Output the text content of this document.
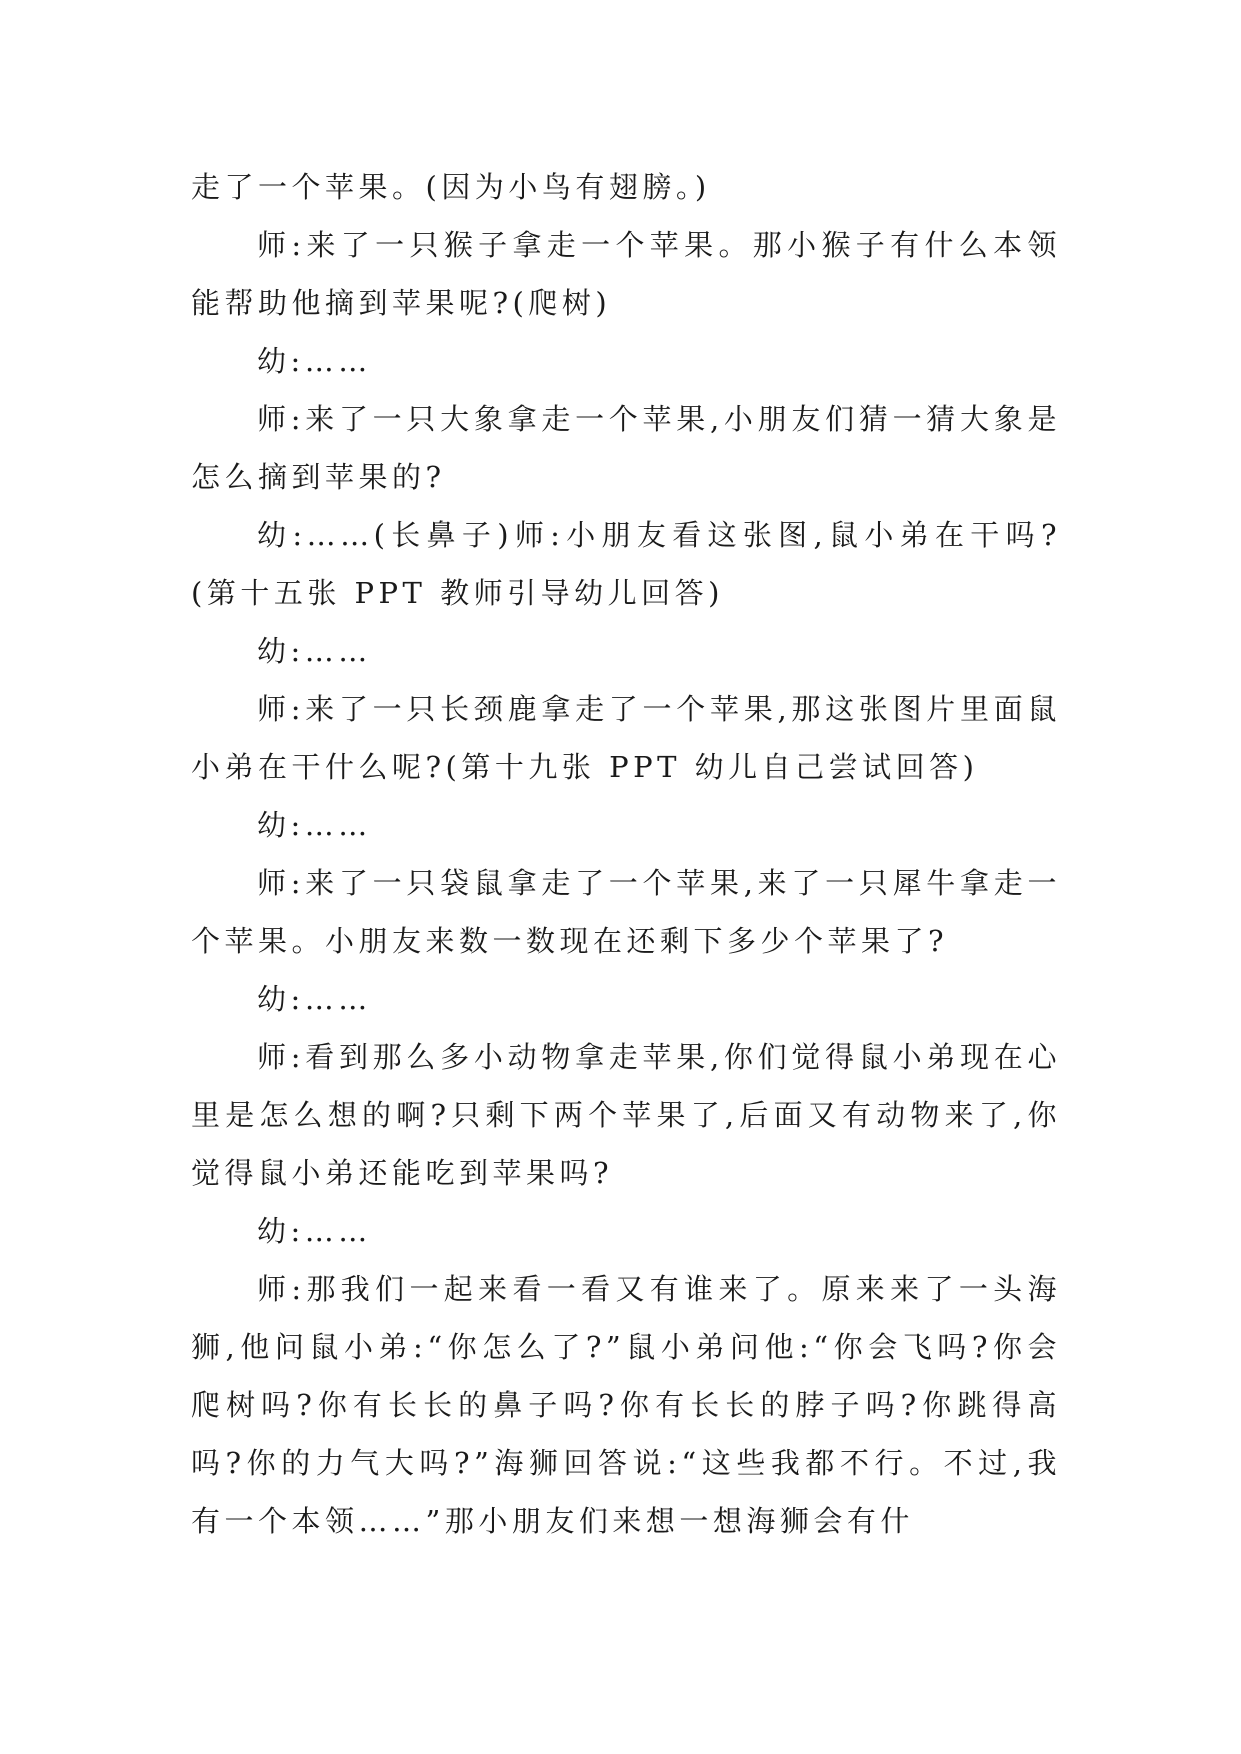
走了一个苹果。(因为小鸟有翅膀。)

师:来了一只猴子拿走一个苹果。那小猴子有什么本领能帮助他摘到苹果呢?(爬树)

幼:……

师:来了一只大象拿走一个苹果,小朋友们猜一猜大象是怎么摘到苹果的?

幼:……(长鼻子)师:小朋友看这张图,鼠小弟在干吗?(第十五张 PPT 教师引导幼儿回答)

幼:……

师:来了一只长颈鹿拿走了一个苹果,那这张图片里面鼠小弟在干什么呢?(第十九张 PPT 幼儿自己尝试回答)

幼:……

师:来了一只袋鼠拿走了一个苹果,来了一只犀牛拿走一个苹果。小朋友来数一数现在还剩下多少个苹果了?

幼:……

师:看到那么多小动物拿走苹果,你们觉得鼠小弟现在心里是怎么想的啊?只剩下两个苹果了,后面又有动物来了,你觉得鼠小弟还能吃到苹果吗?

幼:……

师:那我们一起来看一看又有谁来了。原来来了一头海狮,他问鼠小弟:“你怎么了?”鼠小弟问他:“你会飞吗?你会爬树吗?你有长长的鼻子吗?你有长长的脖子吗?你跳得高吗?你的力气大吗?”海狮回答说:“这些我都不行。不过,我有一个本领……”那小朋友们来想一想海狮会有什
